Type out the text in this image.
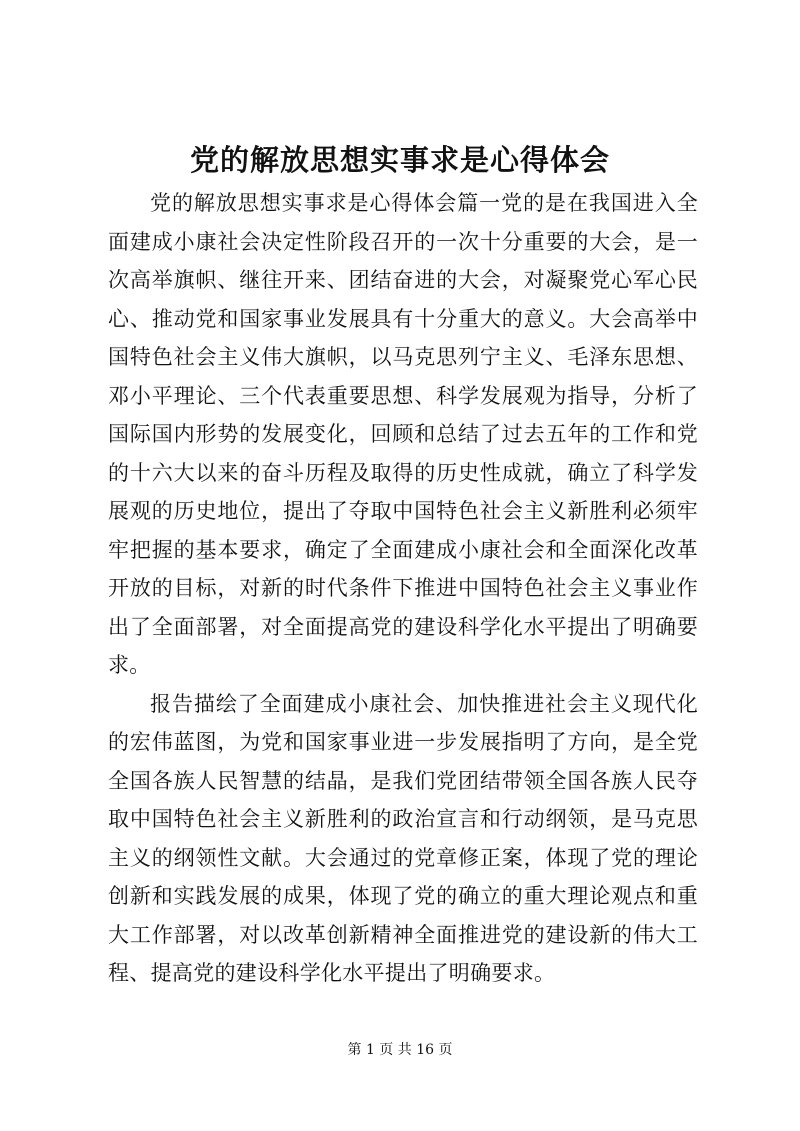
党的解放思想实事求是心得体会

党的解放思想实事求是心得体会篇一党的是在我国进入全面建成小康社会决定性阶段召开的一次十分重要的大会，是一次高举旗帜、继往开来、团结奋进的大会，对凝聚党心军心民心、推动党和国家事业发展具有十分重大的意义。大会高举中国特色社会主义伟大旗帜，以马克思列宁主义、毛泽东思想、邓小平理论、三个代表重要思想、科学发展观为指导，分析了国际国内形势的发展变化，回顾和总结了过去五年的工作和党的十六大以来的奋斗历程及取得的历史性成就，确立了科学发展观的历史地位，提出了夺取中国特色社会主义新胜利必须牢牢把握的基本要求，确定了全面建成小康社会和全面深化改革开放的目标，对新的时代条件下推进中国特色社会主义事业作出了全面部署，对全面提高党的建设科学化水平提出了明确要求。

报告描绘了全面建成小康社会、加快推进社会主义现代化的宏伟蓝图，为党和国家事业进一步发展指明了方向，是全党全国各族人民智慧的结晶，是我们党团结带领全国各族人民夺取中国特色社会主义新胜利的政治宣言和行动纲领，是马克思主义的纲领性文献。大会通过的党章修正案，体现了党的理论创新和实践发展的成果，体现了党的确立的重大理论观点和重大工作部署，对以改革创新精神全面推进党的建设新的伟大工程、提高党的建设科学化水平提出了明确要求。

第 1 页 共 16 页
